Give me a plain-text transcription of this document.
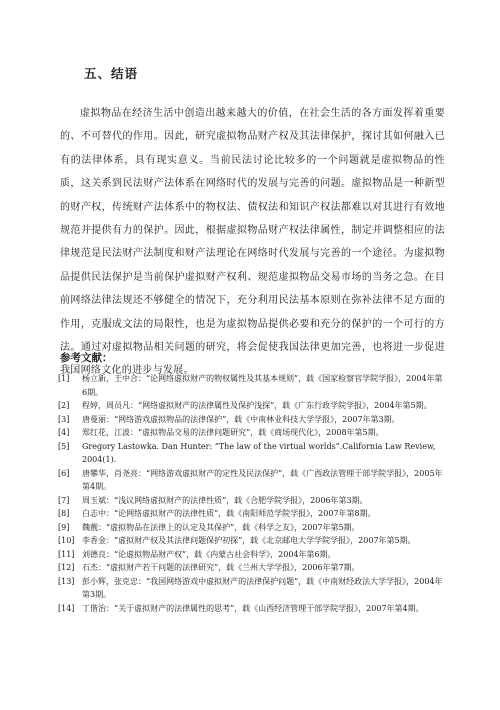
五、结语

虚拟物品在经济生活中创造出越来越大的价值，在社会生活的各方面发挥着重要的、不可替代的作用。因此，研究虚拟物品财产权及其法律保护，探讨其如何融入已有的法律体系，具有现实意义。当前民法讨论比较多的一个问题就是虚拟物品的性质，这关系到民法财产法体系在网络时代的发展与完善的问题。虚拟物品是一种新型的财产权，传统财产法体系中的物权法、债权法和知识产权法都难以对其进行有效地规范并提供有力的保护。因此，根据虚拟物品财产权法律属性，制定并调整相应的法律规范是民法财产法制度和财产法理论在网络时代发展与完善的一个途径。为虚拟物品提供民法保护是当前保护虚拟财产权利、规范虚拟物品交易市场的当务之急。在目前网络法律法规还不够健全的情况下，充分利用民法基本原则在弥补法律不足方面的作用，克服成文法的局限性，也是为虚拟物品提供必要和充分的保护的一个可行的方法。通过对虚拟物品相关问题的研究，将会促使我国法律更加完善，也将进一步促进我国网络文化的进步与发展。

参考文献：
[1]	杨立新，王中合：“论网络虚拟财产的物权属性及其基本规则”，载《国家检察官学院学报》，2004年第6期。
[2]	程婷，周员凡：“网络虚拟财产的法律属性及保护浅探”，载《广东行政学院学报》，2004年第5期。
[3]	唐曼丽：“网络游戏虚拟物品的法律保护”，载《中南林业科技大学学报》，2007年第3期。
[4]	郑红花，江波：“虚拟物品交易的法律问题研究”，载《商场现代化》，2008年第5期。
[5]	Gregory Lastowka. Dan Hunter: “The law of the virtual worlds”.California Law Review, 2004(1).
[6]	唐攀华，肖尧亮：“网络游戏虚拟财产的定性及民法保护”，载《广西政法管理干部学院学报》，2005年第4期。
[7]	周玉斌：“浅议网络虚拟财产的法律性质”，载《合肥学院学报》，2006年第3期。
[8]	白志中：“论网络虚拟财产的法律性质”，载《南阳师范学院学报》，2007年第8期。
[9]	魏靓：“虚拟物品在法律上的认定及其保护”，载《科学之友》，2007年第5期。
[10] 李香金：“虚拟财产权及其法律问题保护初探”，载《北京邮电大学学院学报》，2007年第5期。
[11] 刘德良：“论虚拟物品财产权”，载《内蒙古社会科学》，2004年第6期。
[12] 石杰：“虚拟财产若干问题的法律研究”，载《兰州大学学报》，2006年第7期。
[13] 彭小辉，张克忠：“我国网络游戏中虚拟财产的法律保护问题”，载《中南财经政法大学学报》，2004年第3期。
[14] 丁偕治：“关于虚拟财产的法律属性的思考”，载《山西经济管理干部学院学报》，2007年第4期。
